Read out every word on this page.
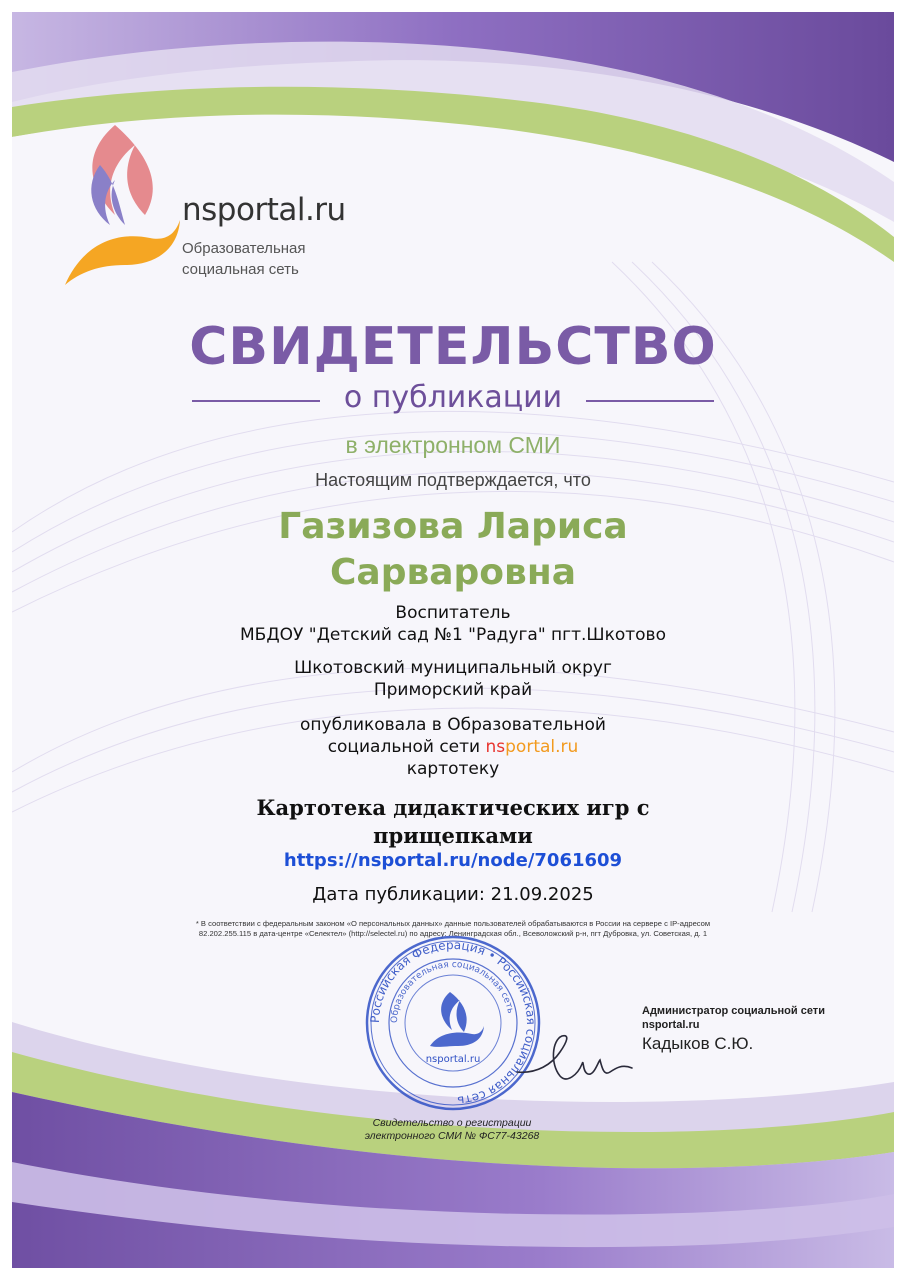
nsportal.ru
Образовательная
социальная сеть
СВИДЕТЕЛЬСТВО
о публикации
в электронном СМИ
Настоящим подтверждается, что
Газизова Лариса Сарваровна
Воспитатель
МБДОУ "Детский сад №1 "Радуга" пгт.Шкотово
Шкотовский муниципальный округ
Приморский край
опубликовала в Образовательной
социальной сети nsportal.ru
картотеку
Картотека дидактических игр с прищепками
https://nsportal.ru/node/7061609
Дата публикации: 21.09.2025
* В соответствии с федеральным законом «О персональных данных» данные пользователей обрабатываются в России на сервере с IP-адресом
82.202.255.115 в дата-центре «Селектел» (http://selectel.ru) по адресу: Ленинградская обл., Всеволожский р-н, пгт Дубровка, ул. Советская, д. 1
Российская Федерация • Российская социальная сеть
Образовательная социальная сеть
nsportal.ru
Администратор социальной сети nsportal.ru
Кадыков С.Ю.
Свидетельство о регистрации
электронного СМИ № ФС77-43268
